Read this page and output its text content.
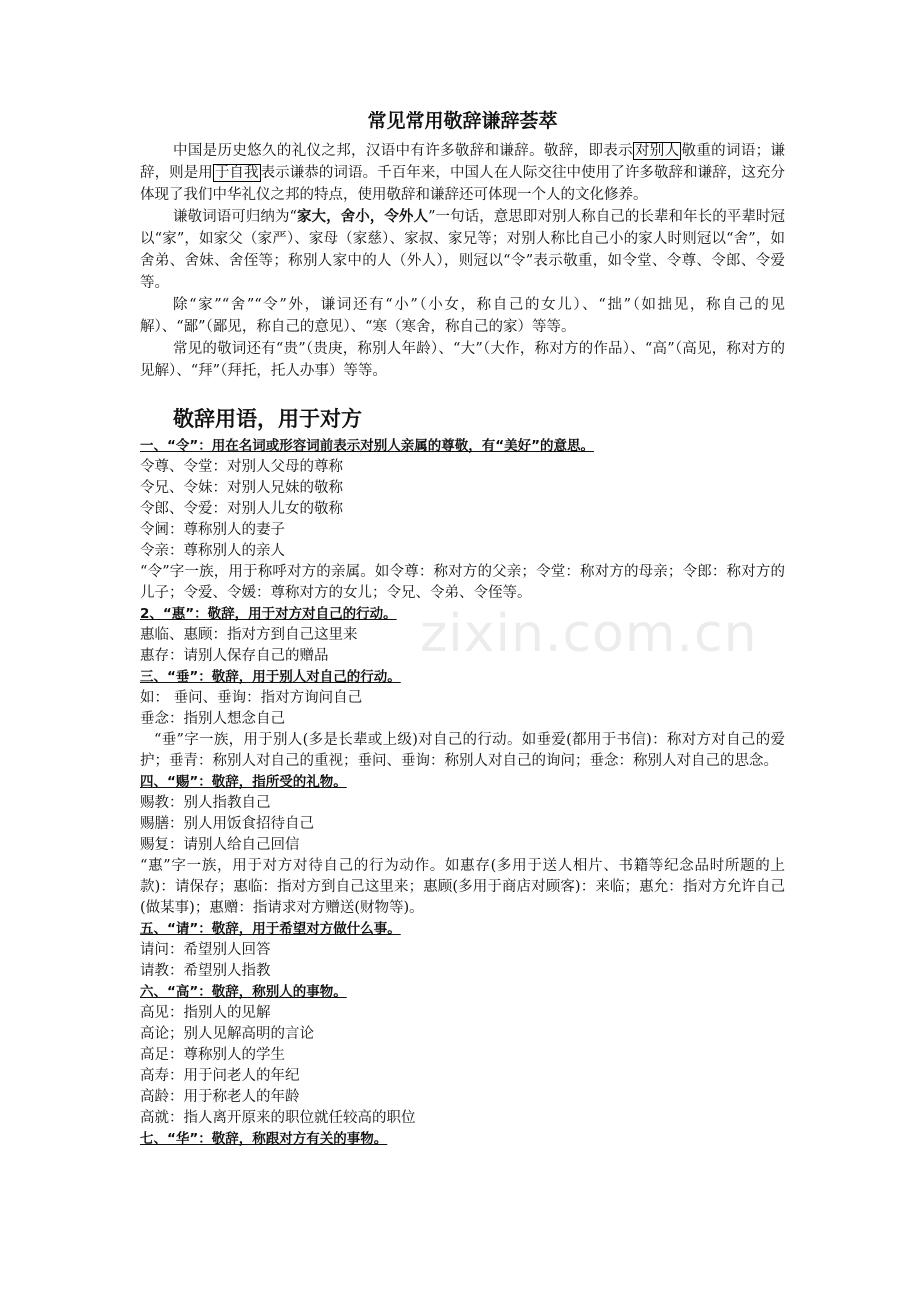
zixin.com.cn
常见常用敬辞谦辞荟萃

中国是历史悠久的礼仪之邦，汉语中有许多敬辞和谦辞。敬辞，即表示 对别人 敬重的词语；谦辞，则是用 于自我 表示谦恭的词语。千百年来，中国人在人际交往中使用了许多敬辞和谦辞，这充分体现了我们中华礼仪之邦的特点，使用敬辞和谦辞还可体现一个人的文化修养。

谦敬词语可归纳为“家大，舍小，令外人”一句话，意思即对别人称自己的长辈和年长的平辈时冠以“家”，如家父（家严）、家母（家慈）、家叔、家兄等；对别人称比自己小的家人时则冠以“舍”，如舍弟、舍妹、舍侄等；称别人家中的人（外人），则冠以“令”表示敬重，如令堂、令尊、令郎、令爱等。

除“家”“舍”“令”外，谦词还有“小”（小女，称自己的女儿）、“拙”（如拙见，称自己的见解）、“鄙”（鄙见，称自己的意见）、“寒（寒舍，称自己的家）等等。

常见的敬词还有“贵”（贵庚，称别人年龄）、“大”（大作，称对方的作品）、“高”（高见，称对方的见解）、“拜”（拜托，托人办事）等等。

敬辞用语，用于对方

一、“令”：用在名词或形容词前表示对别人亲属的尊敬，有“美好”的意思。

令尊、令堂：对别人父母的尊称

令兄、令妹：对别人兄妹的敬称

令郎、令爱：对别人儿女的敬称

令阃：尊称别人的妻子

令亲：尊称别人的亲人

“令”字一族，用于称呼对方的亲属。如令尊：称对方的父亲；令堂：称对方的母亲；令郎：称对方的儿子；令爱、令媛：尊称对方的女儿；令兄、令弟、令侄等。

2、“惠”：敬辞，用于对方对自己的行动。

惠临、惠顾：指对方到自己这里来

惠存：请别人保存自己的赠品

三、“垂”：敬辞，用于别人对自己的行动。

如： 垂问、垂询：指对方询问自己

垂念：指别人想念自己

“垂”字一族，用于别人(多是长辈或上级)对自己的行动。如垂爱(都用于书信)：称对方对自己的爱护；垂青：称别人对自己的重视；垂问、垂询：称别人对自己的询问；垂念：称别人对自己的思念。

四、“赐”：敬辞，指所受的礼物。

赐教：别人指教自己

赐膳：别人用饭食招待自己

赐复：请别人给自己回信

“惠”字一族，用于对方对待自己的行为动作。如惠存(多用于送人相片、书籍等纪念品时所题的上款)：请保存；惠临：指对方到自己这里来；惠顾(多用于商店对顾客)：来临；惠允：指对方允许自己(做某事)；惠赠：指请求对方赠送(财物等)。

五、“请”：敬辞，用于希望对方做什么事。

请问：希望别人回答

请教：希望别人指教

六、“高”：敬辞，称别人的事物。

高见：指别人的见解

高论；别人见解高明的言论

高足：尊称别人的学生

高寿：用于问老人的年纪

高龄：用于称老人的年龄

高就：指人离开原来的职位就任较高的职位

七、“华”：敬辞，称跟对方有关的事物。
